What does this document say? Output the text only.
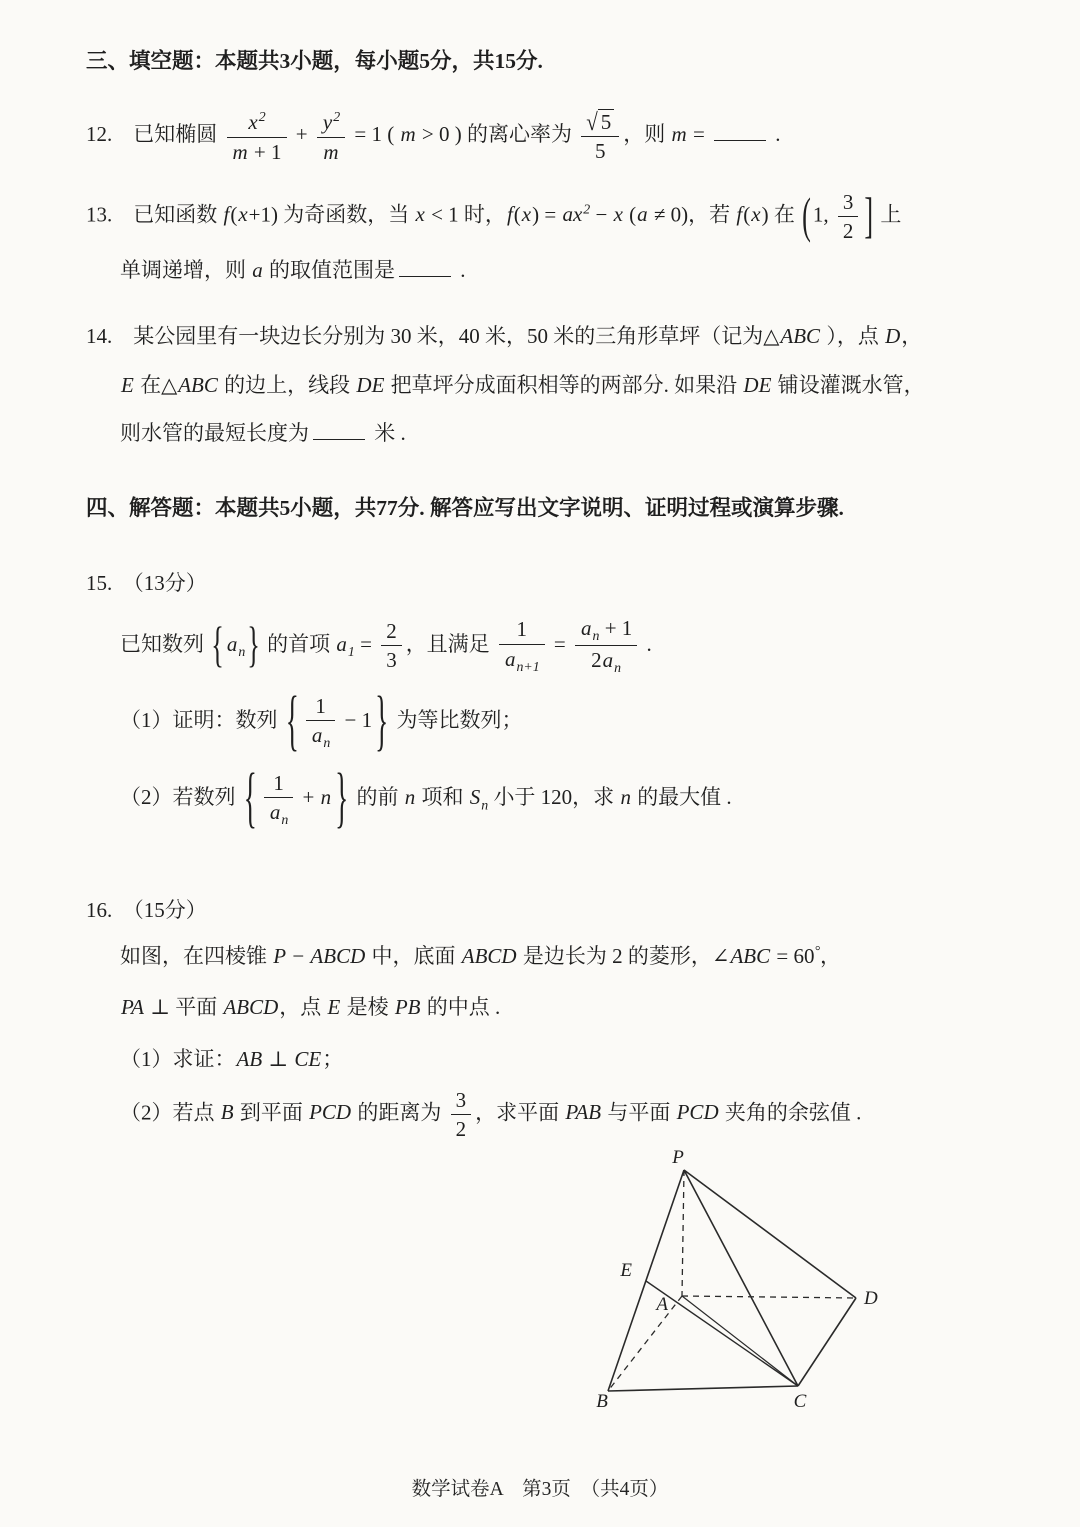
三、填空题：本题共3小题，每小题5分，共15分.
12.　已知椭圆 $\frac{x^2}{m + 1} + \frac{y^2}{m} = 1$ ( m > 0 ) 的离心率为 $\frac{√ 5}{5}$ ，则 m =	.
13.　已知函数 f(x+1) 为奇函数，当 x < 1 时，$f(x) = ax^2 - x$ (a ≠ 0)，若 f(x) 在 (1, $\frac{3}{2}$ ] 上
单调递增，则 a 的取值范围是	.
14.　某公园里有一块边长分别为 30 米，40 米，50 米的三角形草坪（记为△ABC ），点 D，
E 在△ABC 的边上，线段 DE 把草坪分成面积相等的两部分. 如果沿 DE 铺设灌溉水管，
则水管的最短长度为	米 .
四、解答题：本题共5小题，共77分. 解答应写出文字说明、证明过程或演算步骤.
15.　（13分）
已知数列 { $a_n$} 的首项 $a_1 = \frac{2}{3}$ ，且满足 $\frac{1}{a_{n+1}} = \frac{a_n + 1}{2a_n}$ .
（1）证明：数列 { $\frac{1}{a_n} - 1$ } 为等比数列；
（2）若数列 { $\frac{1}{a_n} + n$ } 的前 n 项和 $S_n$ 小于 120，求 n 的最大值 .
16.　（15分）
如图，在四棱锥 P − ABCD 中，底面 ABCD 是边长为 2 的菱形，∠ABC = 60°，
PA ⊥ 平面 ABCD，点 E 是棱 PB 的中点 .
（1）求证：AB ⊥ CE；
（2）若点 B 到平面 PCD 的距离为 $\frac{3}{2}$ ，求平面 PAB 与平面 PCD 夹角的余弦值 .
P
E
A
B	C
D
数学试卷A　第3页　（共4页）
